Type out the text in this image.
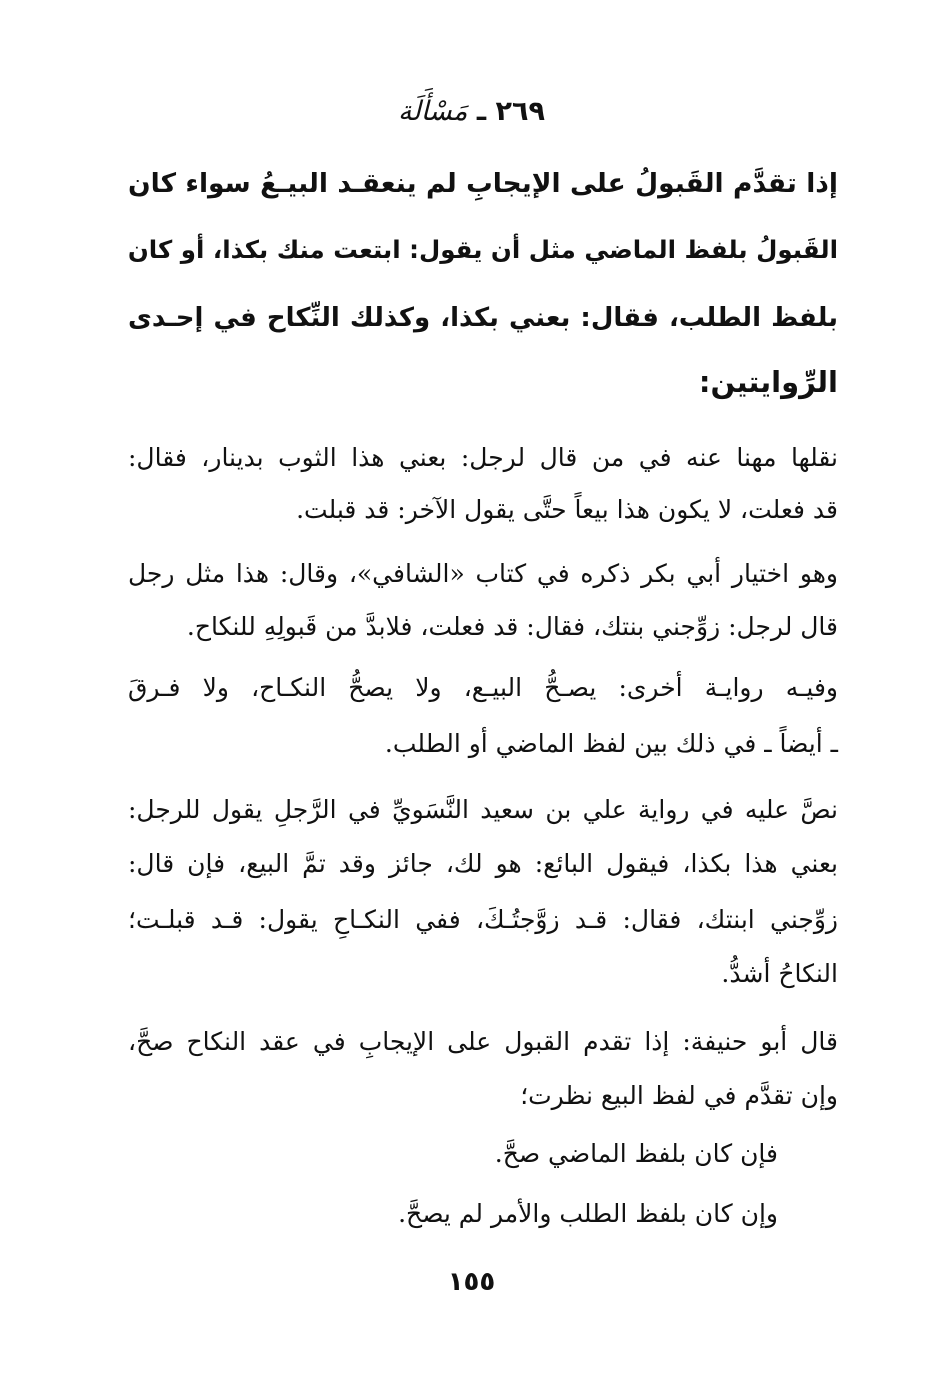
٢٦٩ ـ مَسْأَلَة
إذا تقدَّم القَبولُ على الإيجابِ لم ينعقـد البيـعُ سواء كان
القَبولُ بلفظ الماضي مثل أن يقول: ابتعت منك بكذا، أو كان
بلفظ الطلب، فقال: بعني بكذا، وكذلك النِّكاح في إحـدى
الرِّوايتين:
نقلها مهنا عنه في من قال لرجل: بعني هذا الثوب بدينار، فقال:
قد فعلت، لا يكون هذا بيعاً حتَّى يقول الآخر: قد قبلت.
وهو اختيار أبي بكر ذكره في كتاب «الشافي»، وقال: هذا مثل رجل
قال لرجل: زوِّجني بنتك، فقال: قد فعلت، فلابدَّ من قَبولِهِ للنكاح.
وفيـه روايـة أخرى: يصـحُّ البيـع، ولا يصحُّ النكـاح، ولا فـرقَ
ـ أيضاً ـ في ذلك بين لفظ الماضي أو الطلب.
نصَّ عليه في رواية علي بن سعيد النَّسَويِّ في الرَّجلِ يقول للرجل:
بعني هذا بكذا، فيقول البائع: هو لك، جائز وقد تمَّ البيع، فإن قال:
زوِّجني ابنتك، فقال: قـد زوَّجتُـكَ، ففي النكـاحِ يقول: قـد قبلـت؛
النكاحُ أشدُّ.
قال أبو حنيفة: إذا تقدم القبول على الإيجابِ في عقد النكاح صحَّ،
وإن تقدَّم في لفظ البيع نظرت؛
فإن كان بلفظ الماضي صحَّ.
وإن كان بلفظ الطلب والأمر لم يصحَّ.
١٥٥
